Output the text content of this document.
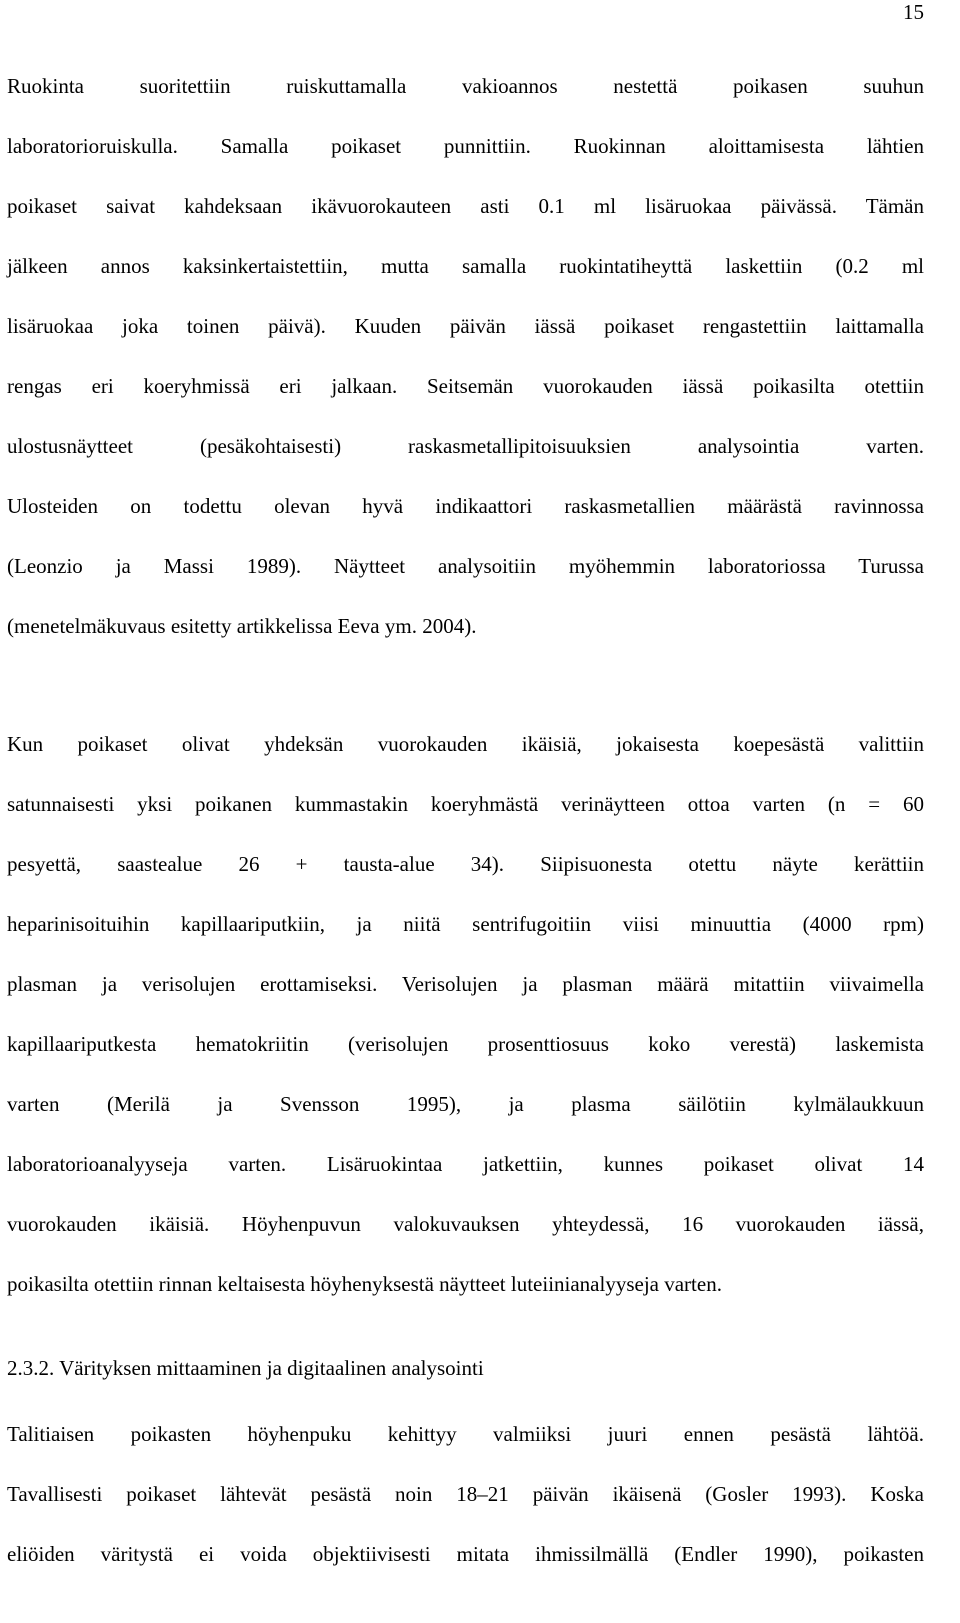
15
Ruokinta suoritettiin ruiskuttamalla vakioannos nestettä poikasen suuhun
laboratorioruiskulla. Samalla poikaset punnittiin. Ruokinnan aloittamisesta lähtien
poikaset saivat kahdeksaan ikävuorokauteen asti 0.1 ml lisäruokaa päivässä. Tämän
jälkeen annos kaksinkertaistettiin, mutta samalla ruokintatiheyttä laskettiin (0.2 ml
lisäruokaa joka toinen päivä). Kuuden päivän iässä poikaset rengastettiin laittamalla
rengas eri koeryhmissä eri jalkaan. Seitsemän vuorokauden iässä poikasilta otettiin
ulostusnäytteet (pesäkohtaisesti) raskasmetallipitoisuuksien analysointia varten.
Ulosteiden on todettu olevan hyvä indikaattori raskasmetallien määrästä ravinnossa
(Leonzio ja Massi 1989). Näytteet analysoitiin myöhemmin laboratoriossa Turussa
(menetelmäkuvaus esitetty artikkelissa Eeva ym. 2004).
Kun poikaset olivat yhdeksän vuorokauden ikäisiä, jokaisesta koepesästä valittiin
satunnaisesti yksi poikanen kummastakin koeryhmästä verinäytteen ottoa varten (n = 60
pesyettä, saastealue 26 + tausta-alue 34). Siipisuonesta otettu näyte kerättiin
heparinisoituihin kapillaariputkiin, ja niitä sentrifugoitiin viisi minuuttia (4000 rpm)
plasman ja verisolujen erottamiseksi. Verisolujen ja plasman määrä mitattiin viivaimella
kapillaariputkesta hematokriitin (verisolujen prosenttiosuus koko verestä) laskemista
varten (Merilä ja Svensson 1995), ja plasma säilötiin kylmälaukkuun
laboratorioanalyyseja varten. Lisäruokintaa jatkettiin, kunnes poikaset olivat 14
vuorokauden ikäisiä. Höyhenpuvun valokuvauksen yhteydessä, 16 vuorokauden iässä,
poikasilta otettiin rinnan keltaisesta höyhenyksestä näytteet luteiinianalyyseja varten.
2.3.2. Värityksen mittaaminen ja digitaalinen analysointi
Talitiaisen poikasten höyhenpuku kehittyy valmiiksi juuri ennen pesästä lähtöä.
Tavallisesti poikaset lähtevät pesästä noin 18–21 päivän ikäisenä (Gosler 1993). Koska
eliöiden väritystä ei voida objektiivisesti mitata ihmissilmällä (Endler 1990), poikasten
